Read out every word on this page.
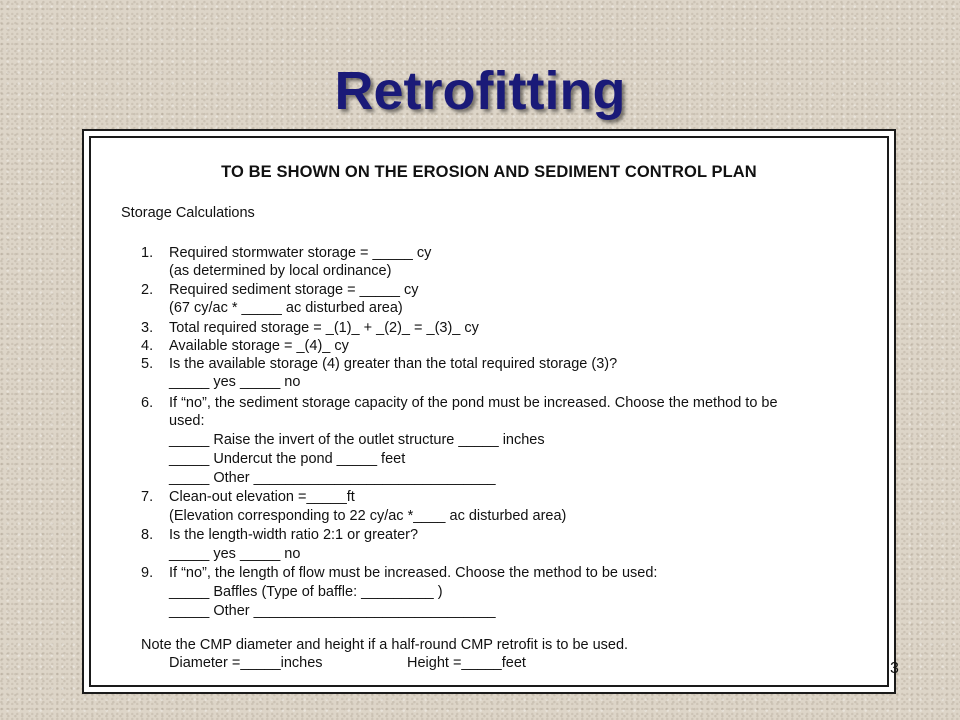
Retrofitting
TO BE SHOWN ON THE EROSION AND SEDIMENT CONTROL PLAN
Storage Calculations
1. Required stormwater storage = _____ cy
(as determined by local ordinance)
2. Required sediment storage = _____ cy
(67 cy/ac * _____ ac disturbed area)
3. Total required storage = _(1)_ + _(2)_ = _(3)_ cy
4. Available storage = _(4)_ cy
5. Is the available storage (4) greater than the total required storage (3)?
_____ yes _____ no
6. If “no”, the sediment storage capacity of the pond must be increased. Choose the method to be
used:
_____ Raise the invert of the outlet structure _____ inches
_____ Undercut the pond _____ feet
_____ Other ______________________________
7. Clean-out elevation =_____ft
(Elevation corresponding to 22 cy/ac *____ ac disturbed area)
8. Is the length-width ratio 2:1 or greater?
_____ yes _____ no
9. If “no”, the length of flow must be increased. Choose the method to be used:
_____ Baffles (Type of baffle: _________ )
_____ Other ______________________________
Note the CMP diameter and height if a half-round CMP retrofit is to be used.
Diameter =_____inches	Height =_____feet	3
